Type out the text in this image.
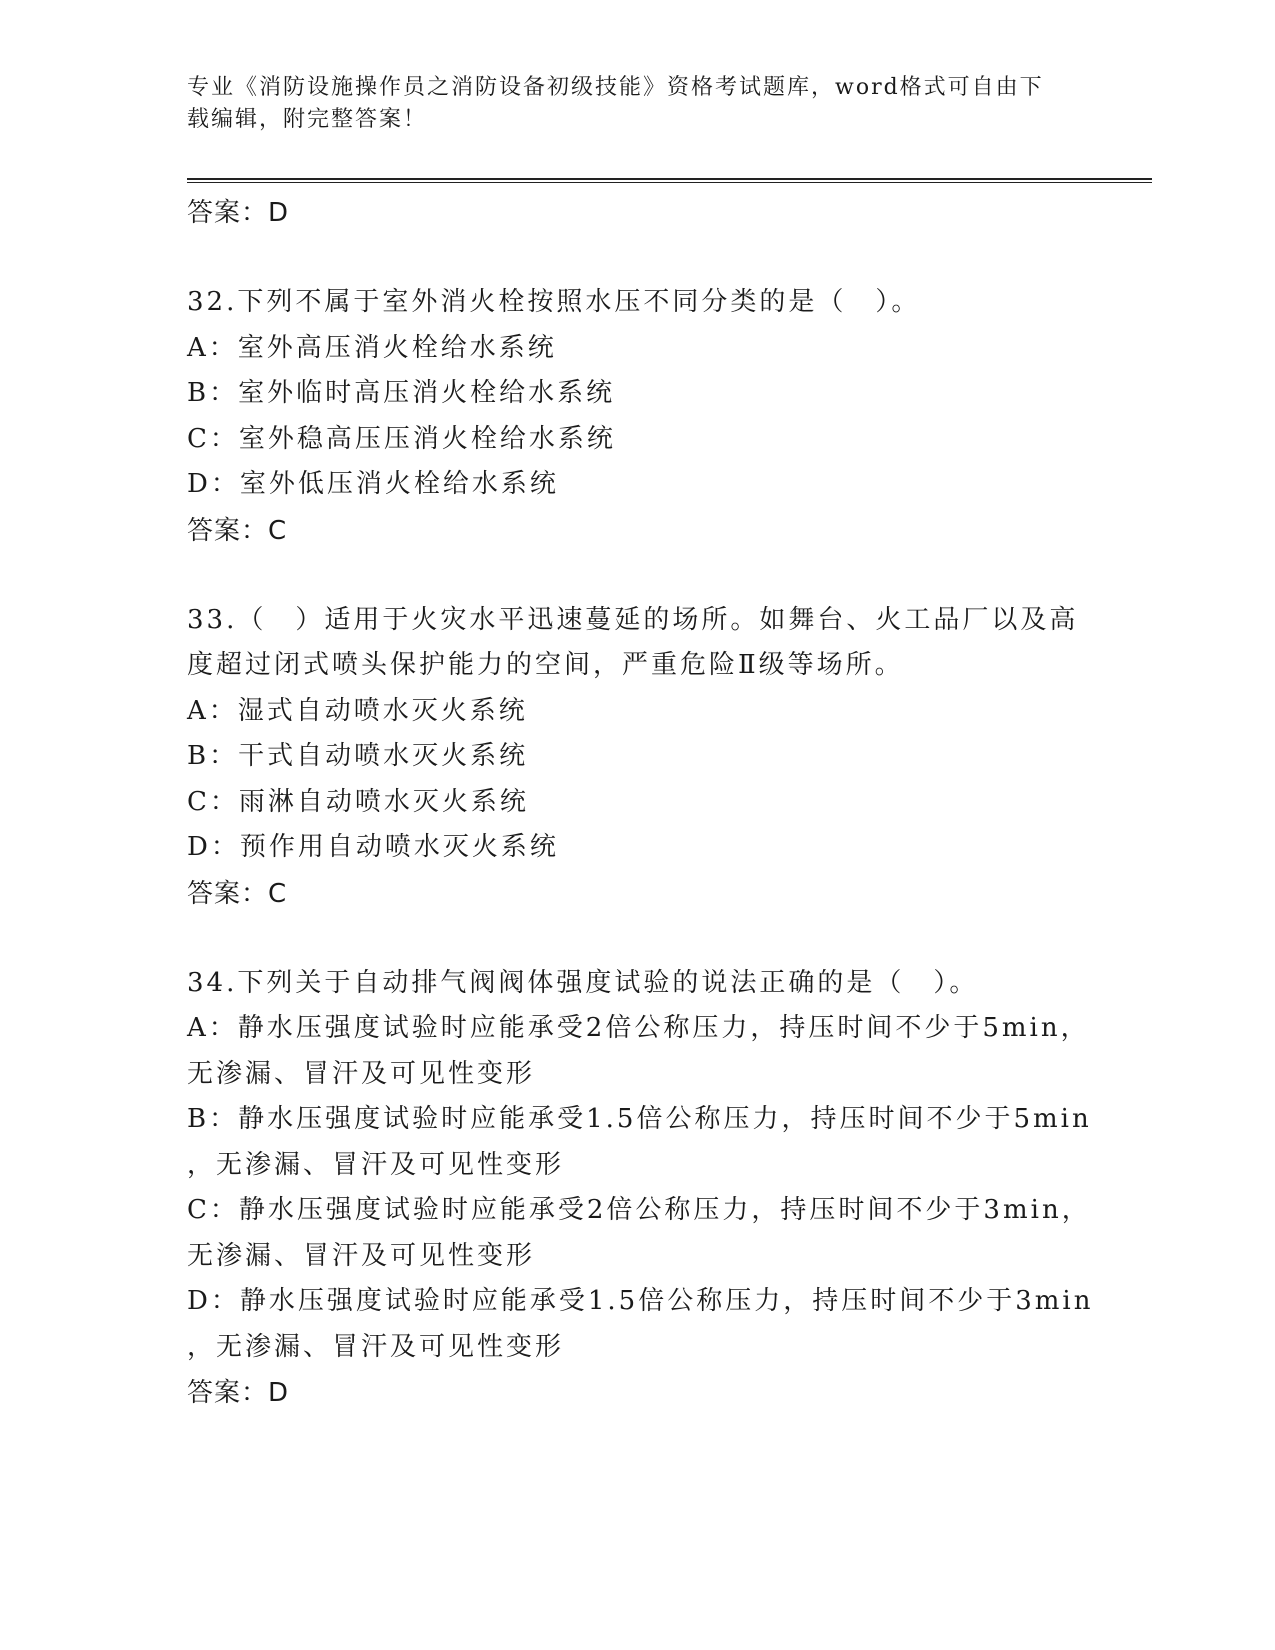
专业《消防设施操作员之消防设备初级技能》资格考试题库，word格式可自由下
载编辑，附完整答案！
答案：D
32.下列不属于室外消火栓按照水压不同分类的是（　）。
A：室外高压消火栓给水系统
B：室外临时高压消火栓给水系统
C：室外稳高压压消火栓给水系统
D：室外低压消火栓给水系统
答案：C
33.（　）适用于火灾水平迅速蔓延的场所。如舞台、火工品厂以及高
度超过闭式喷头保护能力的空间，严重危险Ⅱ级等场所。
A：湿式自动喷水灭火系统
B：干式自动喷水灭火系统
C：雨淋自动喷水灭火系统
D：预作用自动喷水灭火系统
答案：C
34.下列关于自动排气阀阀体强度试验的说法正确的是（　）。
A：静水压强度试验时应能承受2倍公称压力，持压时间不少于5min，
无渗漏、冒汗及可见性变形
B：静水压强度试验时应能承受1.5倍公称压力，持压时间不少于5min
，无渗漏、冒汗及可见性变形
C：静水压强度试验时应能承受2倍公称压力，持压时间不少于3min，
无渗漏、冒汗及可见性变形
D：静水压强度试验时应能承受1.5倍公称压力，持压时间不少于3min
，无渗漏、冒汗及可见性变形
答案：D
